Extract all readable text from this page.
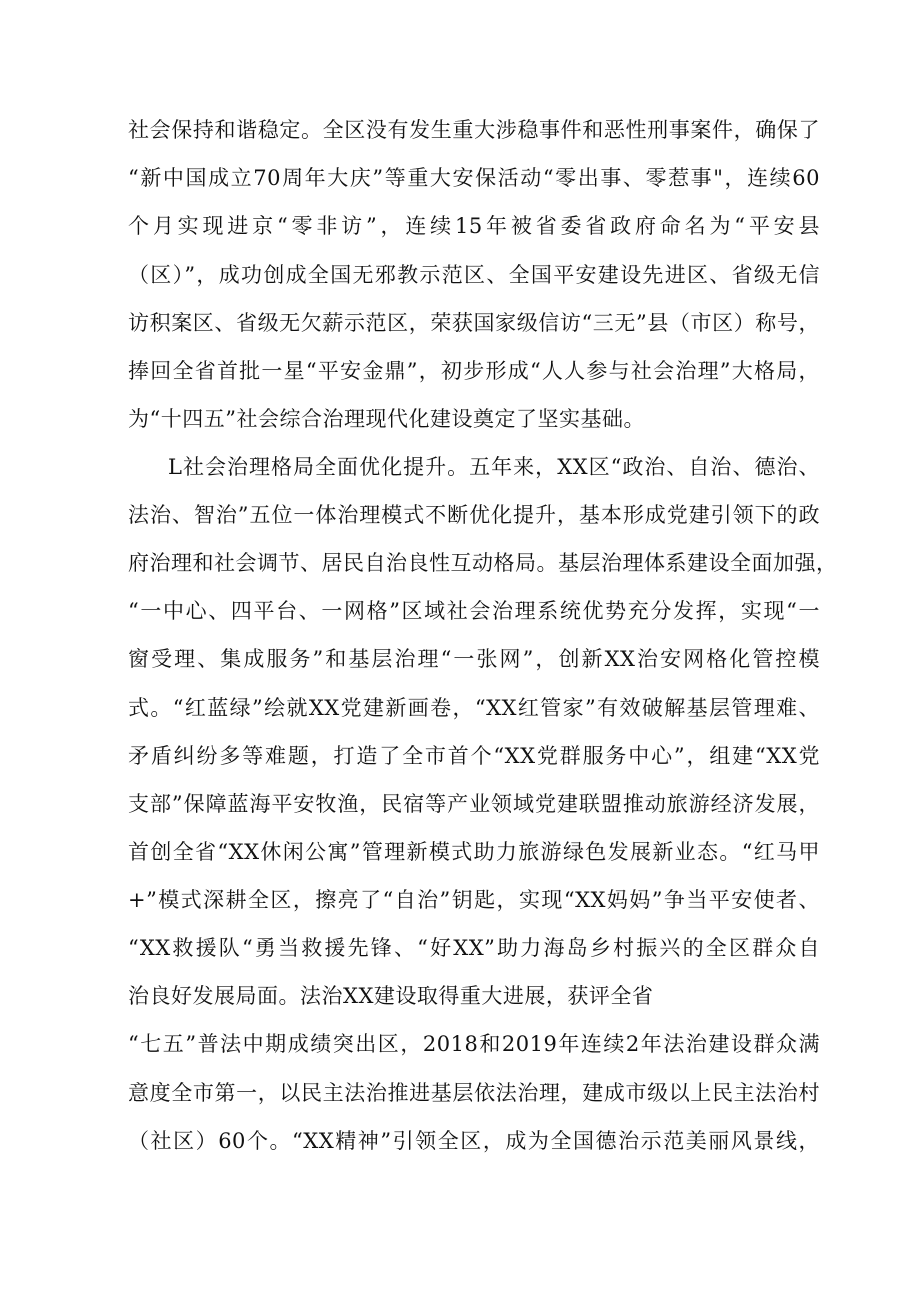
社会保持和谐稳定。全区没有发生重大涉稳事件和恶性刑事案件，确保了
“新中国成立70周年大庆”等重大安保活动“零出事、零惹事"，连续60
个月实现进京“零非访”，连续15年被省委省政府命名为“平安县
（区）”，成功创成全国无邪教示范区、全国平安建设先进区、省级无信
访积案区、省级无欠薪示范区，荣获国家级信访“三无”县（市区）称号，
捧回全省首批一星“平安金鼎”，初步形成“人人参与社会治理”大格局，
为“十四五”社会综合治理现代化建设奠定了坚实基础。
L社会治理格局全面优化提升。五年来，XX区“政治、自治、德治、
法治、智治”五位一体治理模式不断优化提升，基本形成党建引领下的政
府治理和社会调节、居民自治良性互动格局。基层治理体系建设全面加强，
“一中心、四平台、一网格”区域社会治理系统优势充分发挥，实现“一
窗受理、集成服务”和基层治理“一张网”，创新XX治安网格化管控模
式。“红蓝绿”绘就XX党建新画卷，“XX红管家”有效破解基层管理难、
矛盾纠纷多等难题，打造了全市首个“XX党群服务中心”，组建“XX党
支部”保障蓝海平安牧渔，民宿等产业领域党建联盟推动旅游经济发展，
首创全省“XX休闲公寓”管理新模式助力旅游绿色发展新业态。“红马甲
+”模式深耕全区，擦亮了“自治”钥匙，实现“XX妈妈”争当平安使者、
“XX救援队“勇当救援先锋、“好XX”助力海岛乡村振兴的全区群众自
治良好发展局面。法治XX建设取得重大进展，获评全省
“七五”普法中期成绩突出区，2018和2019年连续2年法治建设群众满
意度全市第一，以民主法治推进基层依法治理，建成市级以上民主法治村
（社区）60个。“XX精神”引领全区，成为全国德治示范美丽风景线，
